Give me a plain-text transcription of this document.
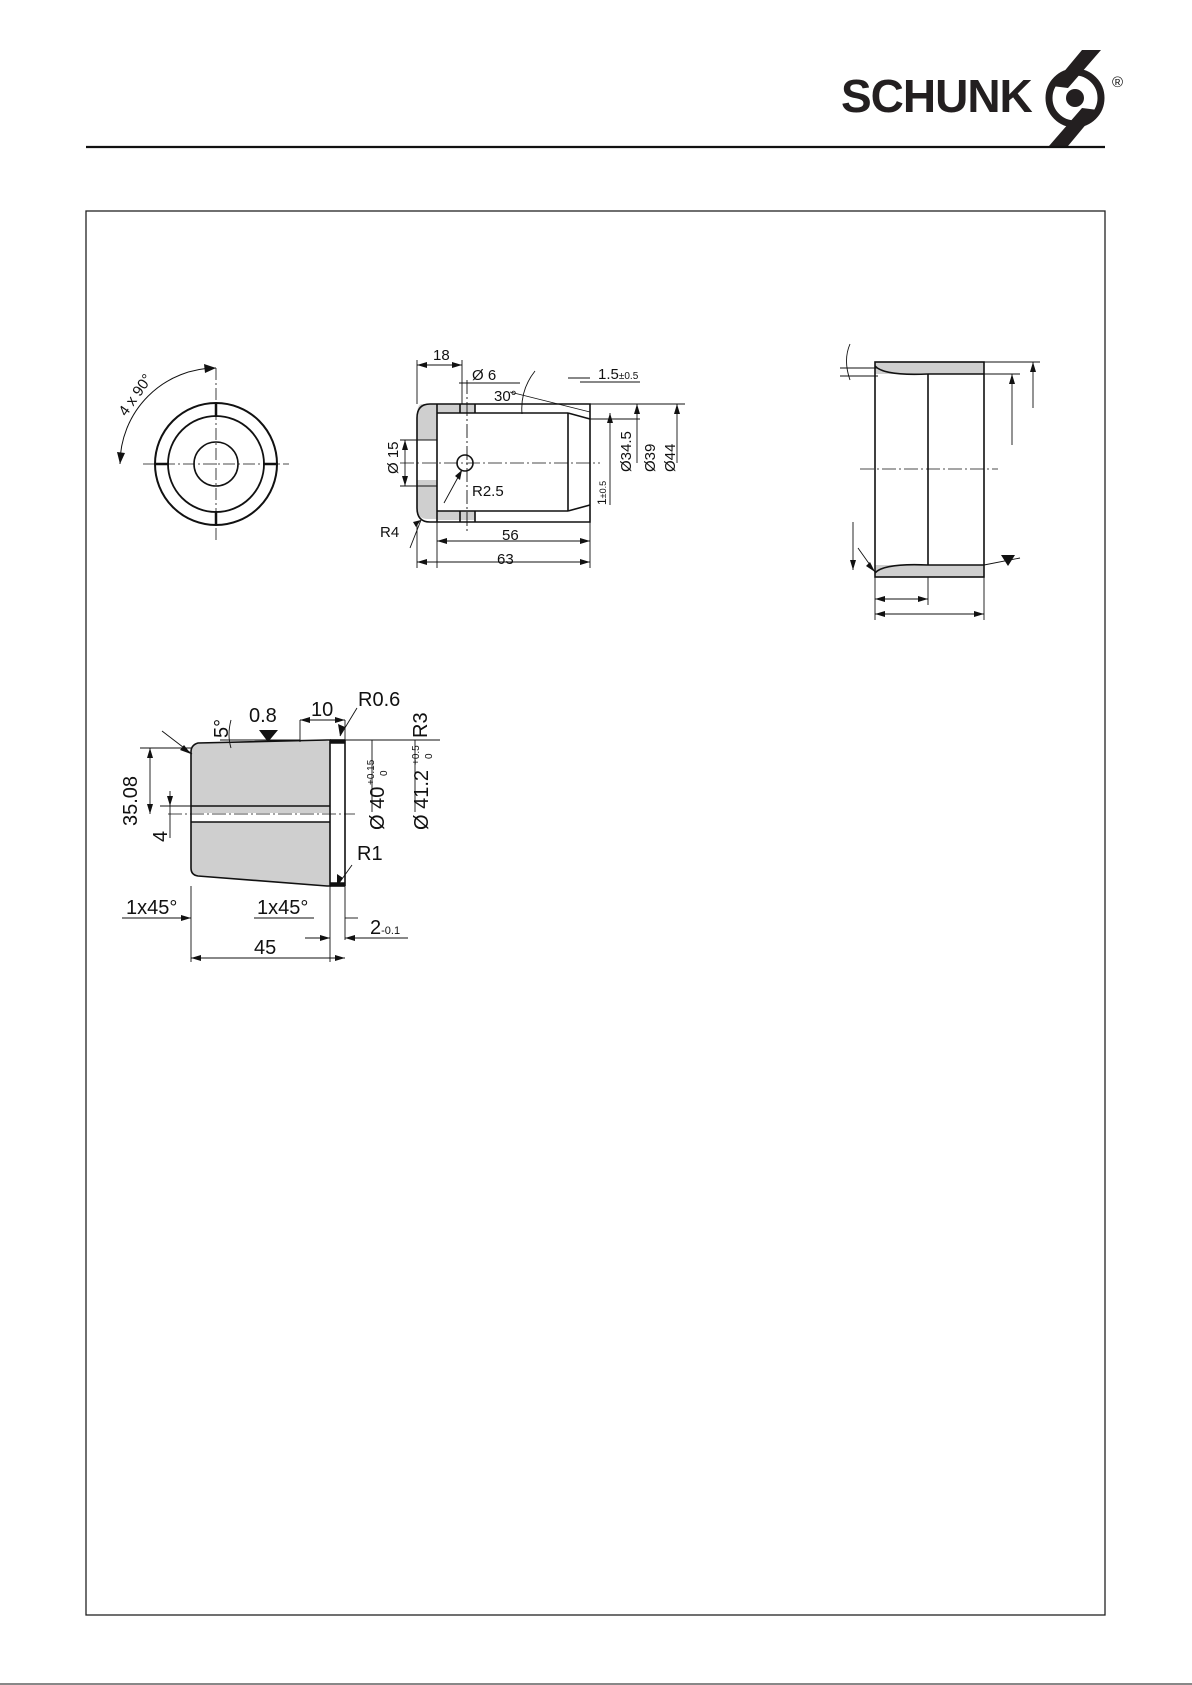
SCHUNK	®
4 x 90°
18
Ø 6
30°
1.5±0.5
Ø 15	Ø34.5 Ø39 Ø44
1±0.5
R2.5
R4	56
63
5°
0.8 10 R0.6
R3
35.08
4
Ø 40
+0.15 0 Ø 41.2
+0.5 0
R1
1x45°	1x45°
2-0.1
45
